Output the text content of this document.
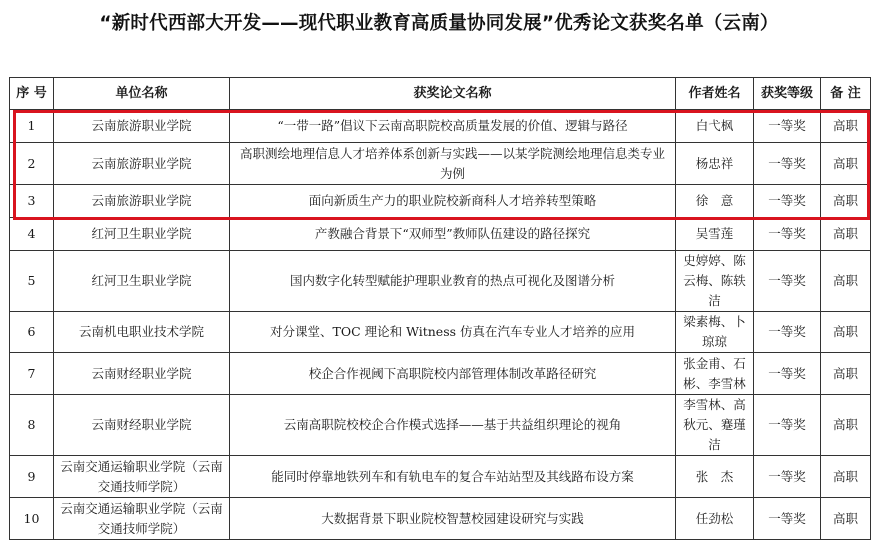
“新时代西部大开发——现代职业教育高质量协同发展”优秀论文获奖名单（云南）
序 号	单位名称	获奖论文名称	作者姓名	获奖等级	备 注
1	云南旅游职业学院	“一带一路”倡议下云南高职院校高质量发展的价值、逻辑与路径	白弋枫	一等奖	高职
2	云南旅游职业学院	高职测绘地理信息人才培养体系创新与实践——以某学院测绘地理信息类专业为例	杨忠祥	一等奖	高职
3	云南旅游职业学院	面向新质生产力的职业院校新商科人才培养转型策略	徐　意	一等奖	高职
4	红河卫生职业学院	产教融合背景下“双师型”教师队伍建设的路径探究	吴雪莲	一等奖	高职
5	红河卫生职业学院	国内数字化转型赋能护理职业教育的热点可视化及图谱分析	史婷婷、陈云梅、陈轶洁	一等奖	高职
6	云南机电职业技术学院	对分课堂、TOC 理论和 Witness 仿真在汽车专业人才培养的应用	梁素梅、卜琼琼	一等奖	高职
7	云南财经职业学院	校企合作视阈下高职院校内部管理体制改革路径研究	张金甫、石彬、李雪林	一等奖	高职
8	云南财经职业学院	云南高职院校校企合作模式选择——基于共益组织理论的视角	李雪林、高秋元、蹇瑾洁	一等奖	高职
9	云南交通运输职业学院（云南交通技师学院）	能同时停靠地铁列车和有轨电车的复合车站站型及其线路布设方案	张　杰	一等奖	高职
10	云南交通运输职业学院（云南交通技师学院）	大数据背景下职业院校智慧校园建设研究与实践	任劲松	一等奖	高职
